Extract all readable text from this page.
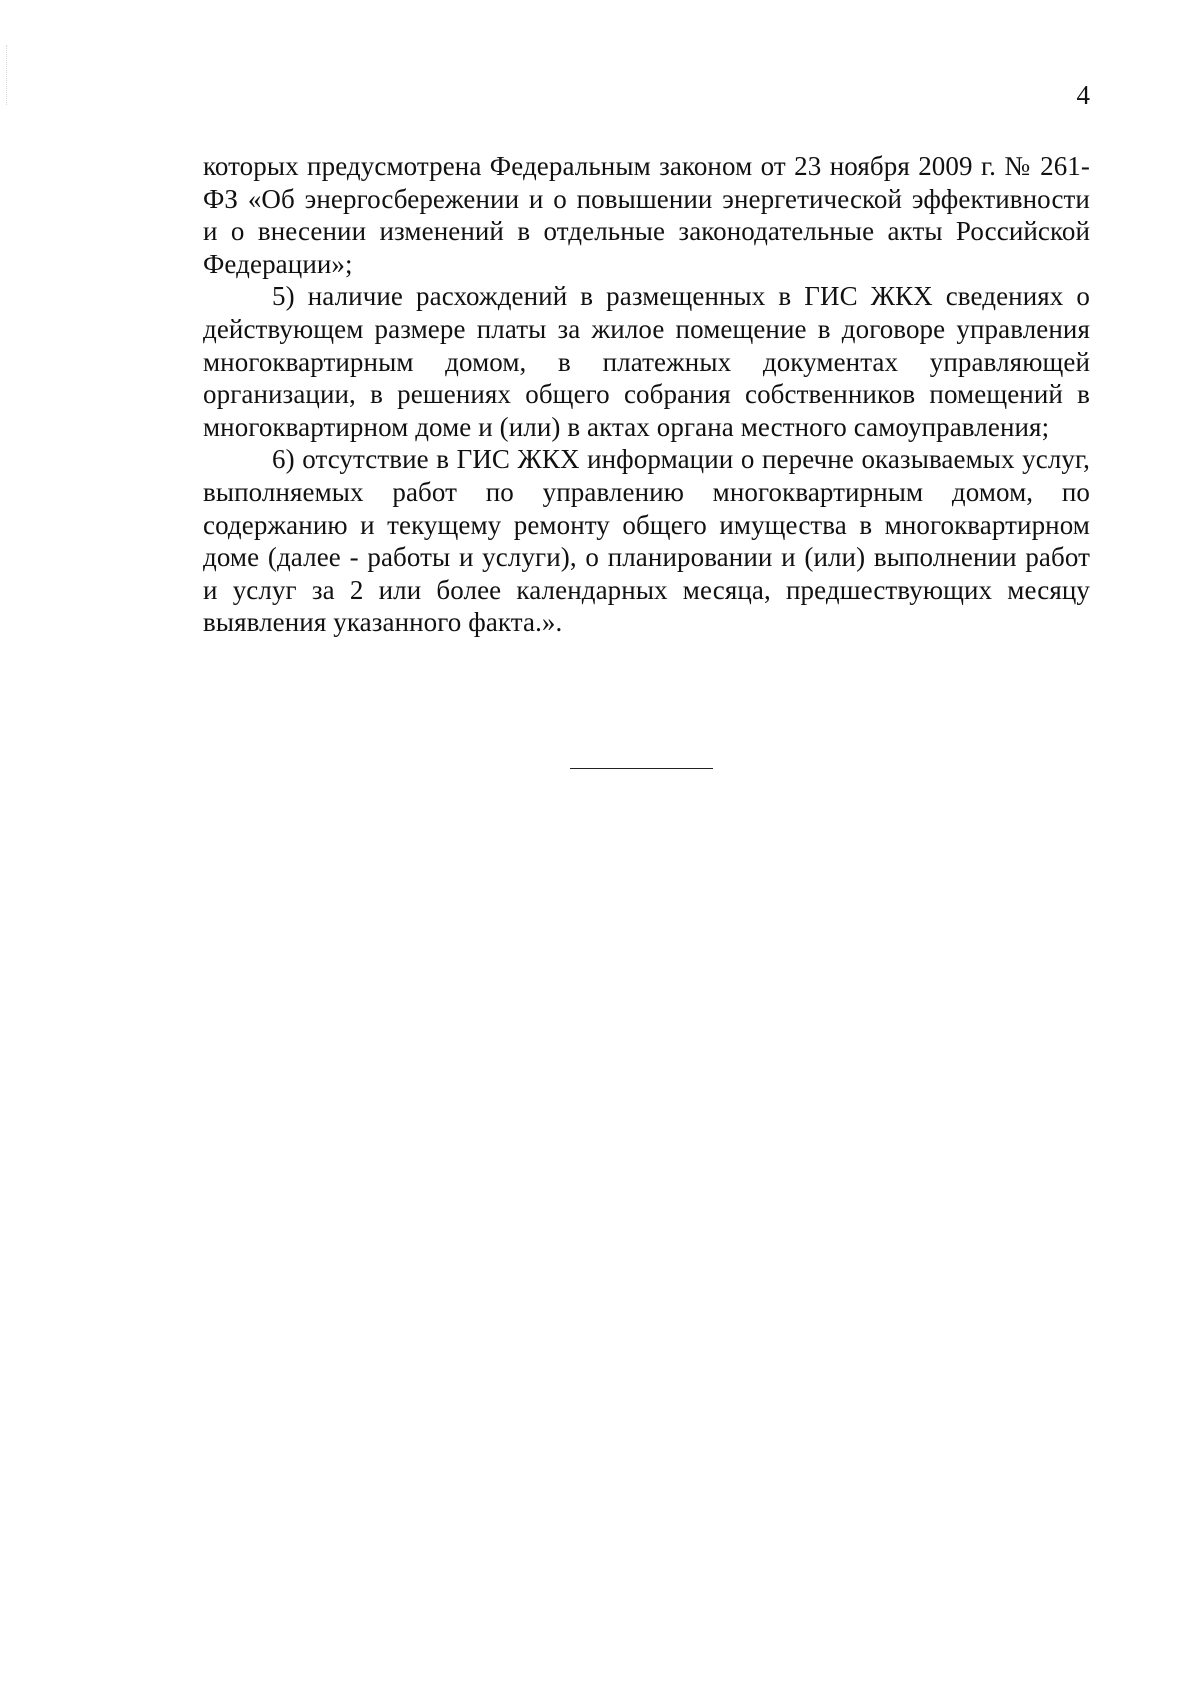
4

которых предусмотрена Федеральным законом от 23 ноября 2009 г. № 261-ФЗ «Об энергосбережении и о повышении энергетической эффективности и о внесении изменений в отдельные законодательные акты Российской Федерации»;

5) наличие расхождений в размещенных в ГИС ЖКХ сведениях о действующем размере платы за жилое помещение в договоре управления многоквартирным домом, в платежных документах управляющей организации, в решениях общего собрания собственников помещений в многоквартирном доме и (или) в актах органа местного самоуправления;

6) отсутствие в ГИС ЖКХ информации о перечне оказываемых услуг, выполняемых работ по управлению многоквартирным домом, по содержанию и текущему ремонту общего имущества в многоквартирном доме (далее - работы и услуги), о планировании и (или) выполнении работ и услуг за 2 или более календарных месяца, предшествующих месяцу выявления указанного факта.».
